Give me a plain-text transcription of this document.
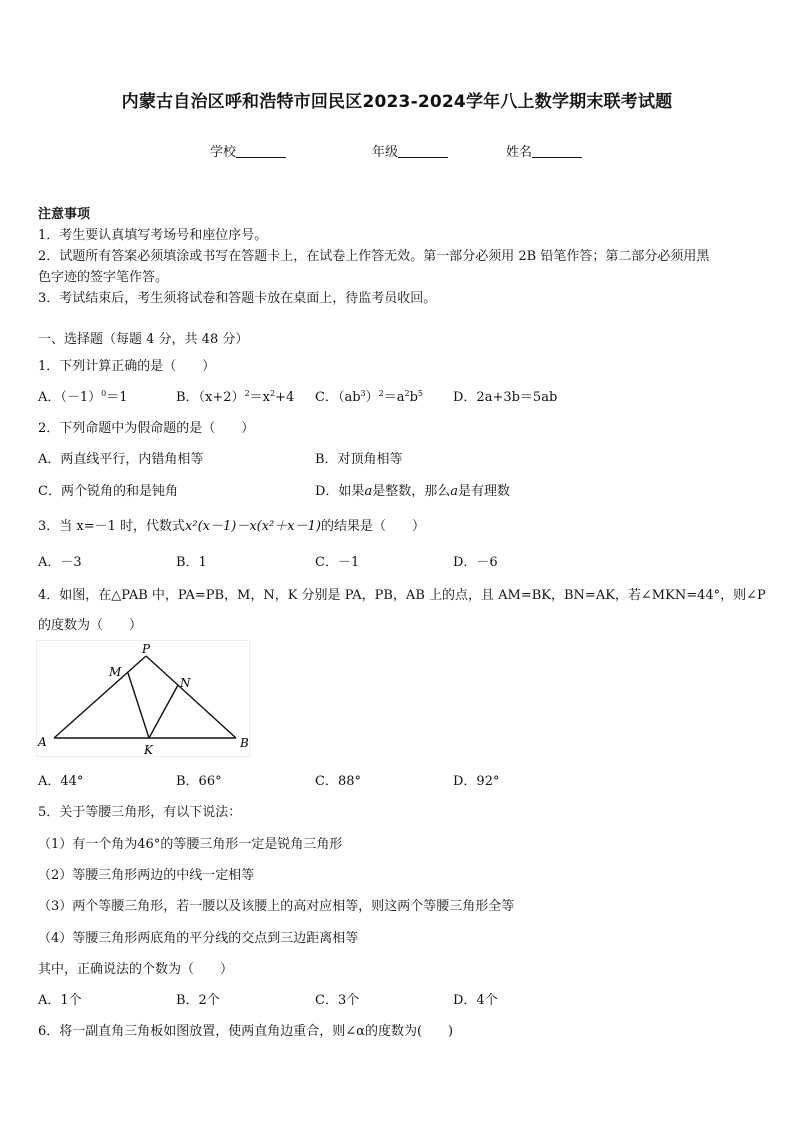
内蒙古自治区呼和浩特市回民区2023-2024学年八上数学期末联考试题
学校	年级	姓名
注意事项
1．考生要认真填写考场号和座位序号。
2．试题所有答案必须填涂或书写在答题卡上，在试卷上作答无效。第一部分必须用 2B 铅笔作答；第二部分必须用黑
色字迹的签字笔作答。
3．考试结束后，考生须将试卷和答题卡放在桌面上，待监考员收回。
一、选择题（每题 4 分，共 48 分）
1．下列计算正确的是（　　）
A．$(-1)^0=1$	B．$(x+2)^2=x^2+4$ C．$(ab^3)^2=a^2b^5$ D．2a+3b＝5ab
2．下列命题中为假命题的是（　　）
A．两直线平行，内错角相等	B．对顶角相等
C．两个锐角的和是钝角	D．如果a是整数，那么a是有理数
3．当 x=－1 时，代数式x²(x－1)－x(x²＋x－1)的结果是（　　）
A．－3	B．1	C．－1	D．－6
4．如图，在△PAB 中，PA=PB，M，N，K 分别是 PA，PB，AB 上的点，且 AM=BK，BN=AK，若∠MKN=44°，则∠P
的度数为（　　）
P
M
N
A
K	B
A．44°	B．66°	C．88°	D．92°
5．关于等腰三角形，有以下说法：
（1）有一个角为46°的等腰三角形一定是锐角三角形
（2）等腰三角形两边的中线一定相等
（3）两个等腰三角形，若一腰以及该腰上的高对应相等，则这两个等腰三角形全等
（4）等腰三角形两底角的平分线的交点到三边距离相等
其中，正确说法的个数为（　　）
A．1个	B．2个	C．3个	D．4个
6．将一副直角三角板如图放置，使两直角边重合，则∠α的度数为(　　)
